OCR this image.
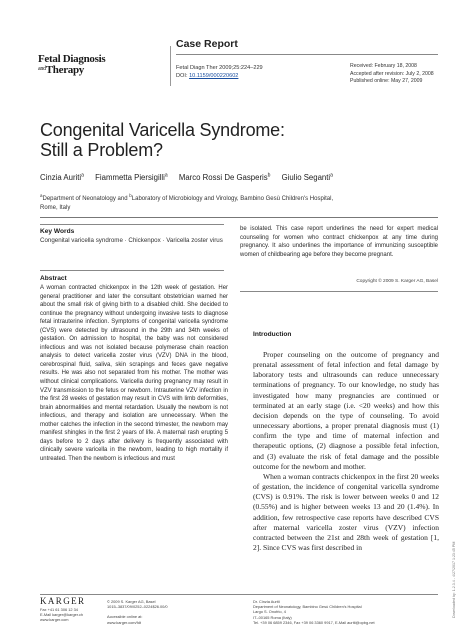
Fetal Diagnosis
$^{and}$Therapy
Case Report
Fetal Diagn Ther 2009;25:224–229
DOI: 10.1159/000220602
Received: February 18, 2008
Accepted after revision: July 2, 2008
Published online: May 27, 2009
Congenital Varicella Syndrome:
Still a Problem?
Cinzia Auriti$^a$ Fiammetta Piersigilli$^a$ Marco Rossi De Gasperis$^b$ Giulio Seganti$^a$
$^a$Department of Neonatology and $^b$Laboratory of Microbiology and Virology, Bambino Gesù Children's Hospital,
Rome, Italy
Key Words
Congenital varicella syndrome · Chickenpox · Varicella zoster virus
Abstract
A woman contracted chickenpox in the 12th week of gestation. Her general practitioner and later the consultant obstetrician warned her about the small risk of giving birth to a disabled child. She decided to continue the pregnancy without undergoing invasive tests to diagnose fetal intrauterine infection. Symptoms of congenital varicella syndrome (CVS) were detected by ultrasound in the 29th and 34th weeks of gestation. On admission to hospital, the baby was not considered infectious and was not isolated because polymerase chain reaction analysis to detect varicella zoster virus (VZV) DNA in the blood, cerebrospinal fluid, saliva, skin scrapings and feces gave negative results. He was also not separated from his mother. The mother was without clinical complications. Varicella during pregnancy may result in VZV transmission to the fetus or newborn. Intrauterine VZV infection in the first 28 weeks of gestation may result in CVS with limb deformities, brain abnormalities and mental retardation. Usually the newborn is not infectious, and therapy and isolation are unnecessary. When the mother catches the infection in the second trimester, the newborn may manifest shingles in the first 2 years of life. A maternal rash erupting 5 days before to 2 days after delivery is frequently associated with clinically severe varicella in the newborn, leading to high mortality if untreated. Then the newborn is infectious and must
be isolated. This case report underlines the need for expert medical counseling for women who contract chickenpox at any time during pregnancy. It also underlines the importance of immunizing susceptible women of childbearing age before they become pregnant.
Copyright © 2009 S. Karger AG, Basel
Introduction

Proper counseling on the outcome of pregnancy and prenatal assessment of fetal infection and fetal damage by laboratory tests and ultrasounds can reduce unnecessary terminations of pregnancy. To our knowledge, no study has investigated how many pregnancies are continued or terminated at an early stage (i.e. <20 weeks) and how this decision depends on the type of counseling. To avoid unnecessary abortions, a proper prenatal diagnosis must (1) confirm the type and time of maternal infection and therapeutic options, (2) diagnose a possible fetal infection, and (3) evaluate the risk of fetal damage and the possible outcome for the newborn and mother.

When a woman contracts chickenpox in the first 20 weeks of gestation, the incidence of congenital varicella syndrome (CVS) is 0.91%. The risk is lower between weeks 0 and 12 (0.55%) and is higher between weeks 13 and 20 (1.4%). In addition, few retrospective case reports have described CVS after maternal varicella zoster virus (VZV) infection contracted between the 21st and 28th week of gestation [1, 2]. Since CVS was first described in

KARGER
Fax +41 61 306 12 34
E-Mail karger@karger.ch
www.karger.com
© 2009 S. Karger AG, Basel
1015–3837/09/0252–0224$26.00/0
Accessible online at:
www.karger.com/fdt
Dr. Cinzia Auriti
Department of Neonatology, Bambino Gesù Children's Hospital
Largo S. Onofrio, 4
IT–00165 Roma (Italy)
Tel. +39 06 6859 2346, Fax +39 06 3360 9917, E-Mail auriti@opbg.net
Downloaded by: 1.2.3.4 - 4/27/2017 1:23:45 PM
